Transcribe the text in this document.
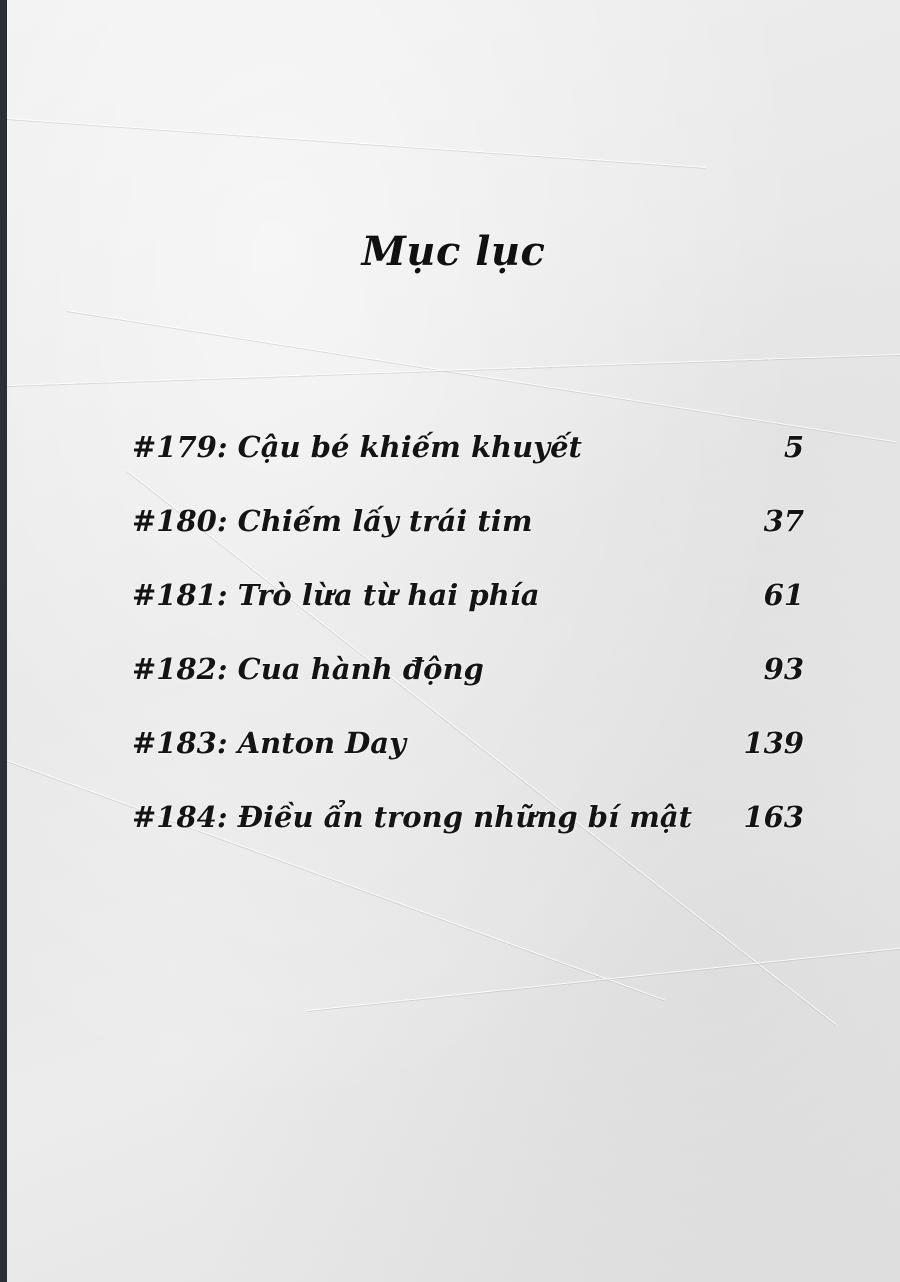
Mục lục
#179: Cậu bé khiếm khuyết	5
#180: Chiếm lấy trái tim	37
#181: Trò lừa từ hai phía	61
#182: Cua hành động	93
#183: Anton Day	139
#184: Điều ẩn trong những bí mật 163
